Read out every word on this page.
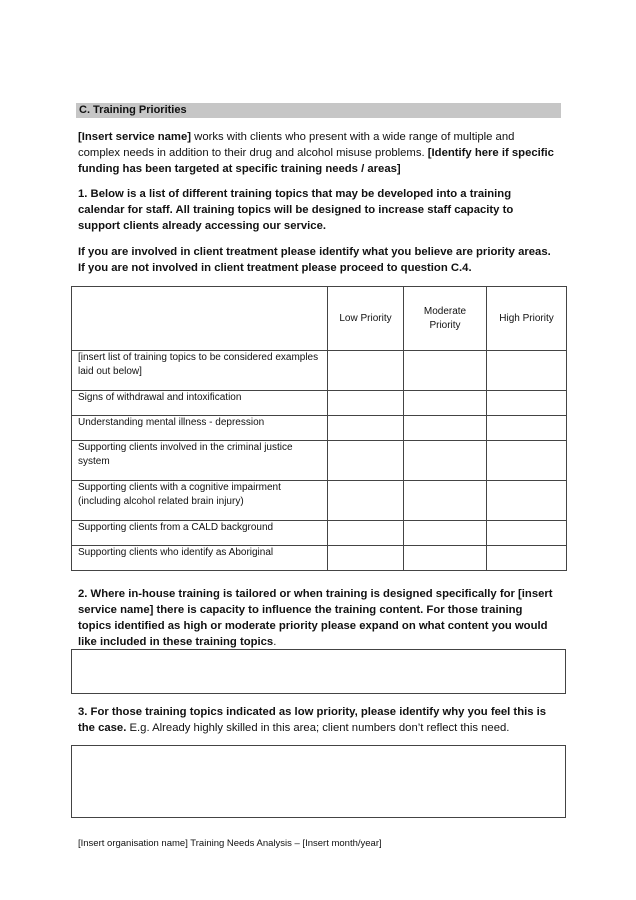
C. Training Priorities
[Insert service name] works with clients who present with a wide range of multiple and complex needs in addition to their drug and alcohol misuse problems. [Identify here if specific funding has been targeted at specific training needs / areas]
1. Below is a list of different training topics that may be developed into a training calendar for staff. All training topics will be designed to increase staff capacity to support clients already accessing our service.
If you are involved in client treatment please identify what you believe are priority areas. If you are not involved in client treatment please proceed to question C.4.
	Low Priority	Moderate Priority	High Priority
[insert list of training topics to be considered examples laid out below]			
Signs of withdrawal and intoxification			
Understanding mental illness - depression			
Supporting clients involved in the criminal justice system			
Supporting clients with a cognitive impairment (including alcohol related brain injury)			
Supporting clients from a CALD background			
Supporting clients who identify as Aboriginal			
2. Where in-house training is tailored or when training is designed specifically for [insert service name] there is capacity to influence the training content. For those training topics identified as high or moderate priority please expand on what content you would like included in these training topics.
3. For those training topics indicated as low priority, please identify why you feel this is the case. E.g. Already highly skilled in this area; client numbers don’t reflect this need.
[Insert organisation name] Training Needs Analysis – [Insert month/year]
